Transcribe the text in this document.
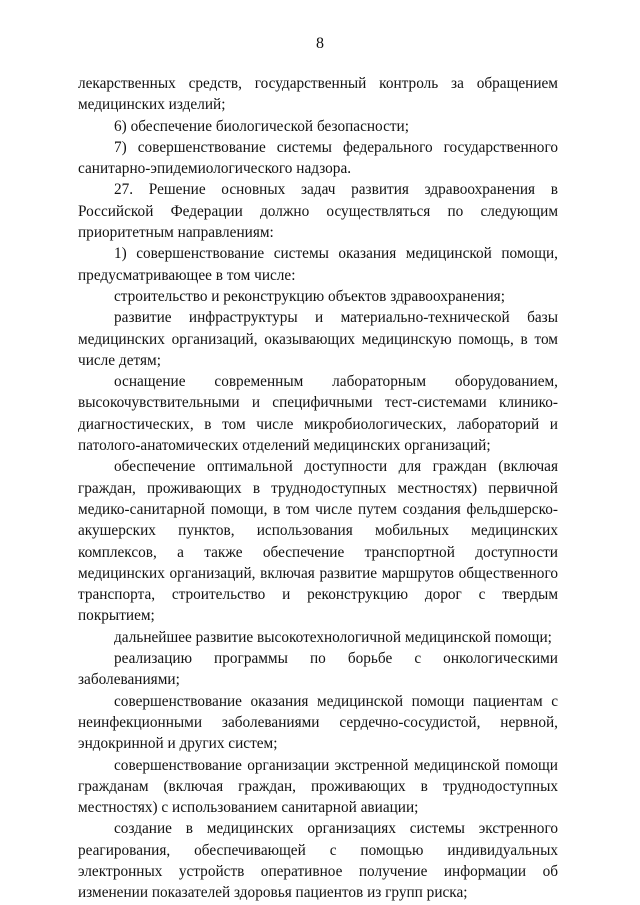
8

лекарственных средств, государственный контроль за обращением медицинских изделий;

6) обеспечение биологической безопасности;

7) совершенствование системы федерального государственного санитарно-эпидемиологического надзора.

27. Решение основных задач развития здравоохранения в Российской Федерации должно осуществляться по следующим приоритетным направлениям:

1) совершенствование системы оказания медицинской помощи, предусматривающее в том числе:

строительство и реконструкцию объектов здравоохранения;

развитие инфраструктуры и материально-технической базы медицинских организаций, оказывающих медицинскую помощь, в том числе детям;

оснащение современным лабораторным оборудованием, высокочувствительными и специфичными тест-системами клинико-диагностических, в том числе микробиологических, лабораторий и патолого-анатомических отделений медицинских организаций;

обеспечение оптимальной доступности для граждан (включая граждан, проживающих в труднодоступных местностях) первичной медико-санитарной помощи, в том числе путем создания фельдшерско-акушерских пунктов, использования мобильных медицинских комплексов, а также обеспечение транспортной доступности медицинских организаций, включая развитие маршрутов общественного транспорта, строительство и реконструкцию дорог с твердым покрытием;

дальнейшее развитие высокотехнологичной медицинской помощи;

реализацию программы по борьбе с онкологическими заболеваниями;

совершенствование оказания медицинской помощи пациентам с неинфекционными заболеваниями сердечно-сосудистой, нервной, эндокринной и других систем;

совершенствование организации экстренной медицинской помощи гражданам (включая граждан, проживающих в труднодоступных местностях) с использованием санитарной авиации;

создание в медицинских организациях системы экстренного реагирования, обеспечивающей с помощью индивидуальных электронных устройств оперативное получение информации об изменении показателей здоровья пациентов из групп риска;
